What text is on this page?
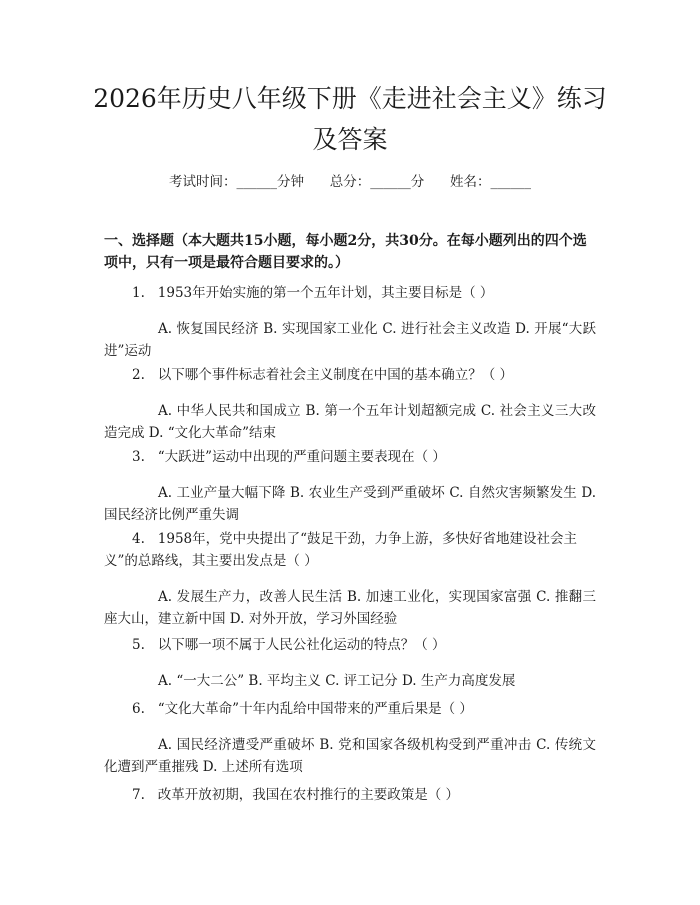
2026年历史八年级下册《走进社会主义》练习及答案
考试时间：______分钟      总分：______分      姓名：______

一、选择题（本大题共15小题，每小题2分，共30分。在每小题列出的四个选项中，只有一项是最符合题目要求的。）

1. 1953年开始实施的第一个五年计划，其主要目标是（ ）

A. 恢复国民经济 B. 实现国家工业化 C. 进行社会主义改造 D. 开展“大跃进”运动

2. 以下哪个事件标志着社会主义制度在中国的基本确立？（ ）

A. 中华人民共和国成立 B. 第一个五年计划超额完成 C. 社会主义三大改造完成 D. “文化大革命”结束

3. “大跃进”运动中出现的严重问题主要表现在（ ）

A. 工业产量大幅下降 B. 农业生产受到严重破坏 C. 自然灾害频繁发生 D. 国民经济比例严重失调

4. 1958年，党中央提出了“鼓足干劲，力争上游，多快好省地建设社会主义”的总路线，其主要出发点是（ ）

A. 发展生产力，改善人民生活 B. 加速工业化，实现国家富强 C. 推翻三座大山，建立新中国 D. 对外开放，学习外国经验

5. 以下哪一项不属于人民公社化运动的特点？（ ）

A. “一大二公” B. 平均主义 C. 评工记分 D. 生产力高度发展

6. “文化大革命”十年内乱给中国带来的严重后果是（ ）

A. 国民经济遭受严重破坏 B. 党和国家各级机构受到严重冲击 C. 传统文化遭到严重摧残 D. 上述所有选项

7. 改革开放初期，我国在农村推行的主要政策是（ ）
